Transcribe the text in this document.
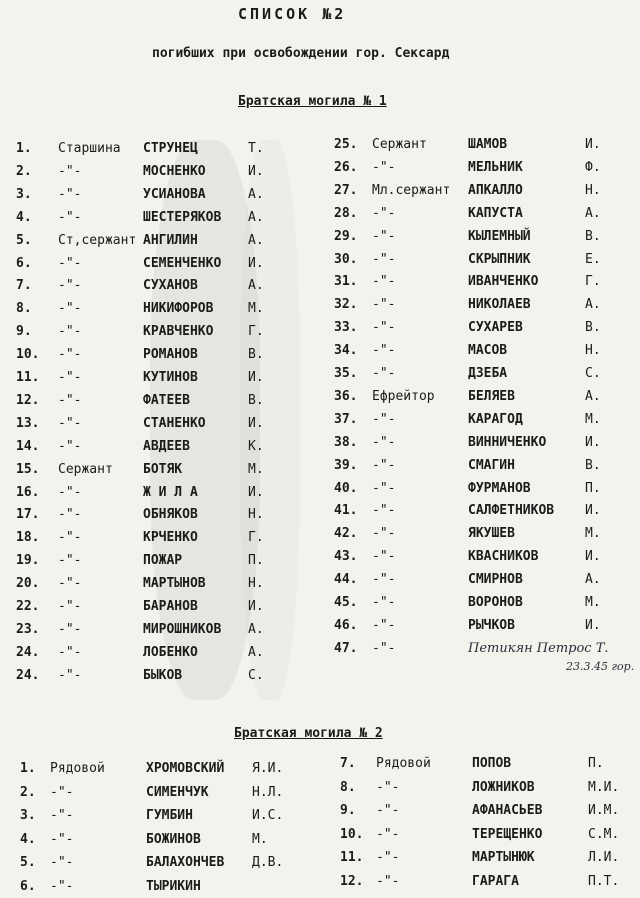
СПИСОК №2
погибших при освобождении гор. Сексард
Братская могила № 1
1. Старшина СТРУНЕЦ	Т.
2. -"-	МОСНЕНКО	И.
3. -"-	УСИАНОВА	А.
4. -"-	ШЕСТЕРЯКОВ А.
5. Ст,сержант АНГИЛИН	А.
6. -"-	СЕМЕНЧЕНКО И.
7. -"-	СУХАНОВ	А.
8. -"-	НИКИФОРОВ	М.
9. -"-	КРАВЧЕНКО	Г.
10. -"-	РОМАНОВ	В.
11. -"-	КУТИНОВ	И.
12. -"-	ФАТЕЕВ	В.
13. -"-	СТАНЕНКО	И.
14. -"-	АВДЕЕВ	К.
15. Сержант БОТЯК	М.
16. -"-	Ж И Л А	И.
17. -"-	ОБНЯКОВ	Н.
18. -"-	КРЧЕНКО	Г.
19. -"-	ПОЖАР	П.
20. -"-	МАРТЫНОВ	Н.
22. -"-	БАРАНОВ	И.
23. -"-	МИРОШНИКОВ А.
24. -"-	ЛОБЕНКО	А.
24. -"-	БЫКОВ	С.
25. Сержант	ШАМОВ	И.
26. -"-	МЕЛЬНИК	Ф.
27. Мл.сержант АПКАЛЛО	Н.
28. -"-	КАПУСТА	А.
29. -"-	КЫЛЕМНЫЙ	В.
30. -"-	СКРЫПНИК	Е.
31. -"-	ИВАНЧЕНКО	Г.
32. -"-	НИКОЛАЕВ	А.
33. -"-	СУХАРЕВ	В.
34. -"-	МАСОВ	Н.
35. -"-	ДЗЕБА	С.
36. Ефрейтор	БЕЛЯЕВ	А.
37. -"-	КАРАГОД	М.
38. -"-	ВИННИЧЕНКО	И.
39. -"-	СМАГИН	В.
40. -"-	ФУРМАНОВ	П.
41. -"-	САЛФЕТНИКОВ И.
42. -"-	ЯКУШЕВ	М.
43. -"-	КВАСНИКОВ	И.
44. -"-	СМИРНОВ	А.
45. -"-	ВОРОНОВ	М.
46. -"-	РЫЧКОВ	И.
47. -"-	Петикян Петрос Т.
23.3.45 гор.
Братская могила № 2
1. Рядовой	ХРОМОВСКИЙ Я.И.
2. -"-	СИМЕНЧУК	Н.Л.
3. -"-	ГУМБИН	И.С.
4. -"-	БОЖИНОВ	М.
5. -"-	БАЛАХОНЧЕВ Д.В.
6. -"-	ТЫРИКИН
7. Рядовой	ПОПОВ	П.
8. -"-	ЛОЖНИКОВ	М.И.
9. -"-	АФАНАСЬЕВ	И.М.
10. -"-	ТЕРЕЩЕНКО	С.М.
11. -"-	МАРТЫНЮК	Л.И.
12. -"-	ГАРАГА	П.Т.
